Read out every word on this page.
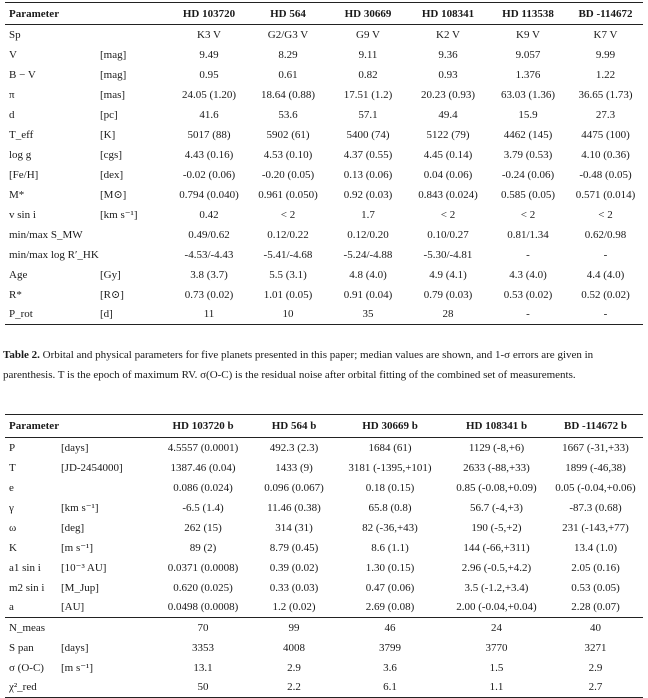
Parameter		HD 103720	HD 564	HD 30669	HD 108341	HD 113538	BD -114672
Sp		K3 V	G2/G3 V	G9 V	K2 V	K9 V	K7 V
V	[mag]	9.49	8.29	9.11	9.36	9.057	9.99
B − V	[mag]	0.95	0.61	0.82	0.93	1.376	1.22
π	[mas]	24.05 (1.20)	18.64 (0.88)	17.51 (1.2)	20.23 (0.93)	63.03 (1.36)	36.65 (1.73)
d	[pc]	41.6	53.6	57.1	49.4	15.9	27.3
T_eff	[K]	5017 (88)	5902 (61)	5400 (74)	5122 (79)	4462 (145)	4475 (100)
log g	[cgs]	4.43 (0.16)	4.53 (0.10)	4.37 (0.55)	4.45 (0.14)	3.79 (0.53)	4.10 (0.36)
[Fe/H]	[dex]	-0.02 (0.06)	-0.20 (0.05)	0.13 (0.06)	0.04 (0.06)	-0.24 (0.06)	-0.48 (0.05)
M*	[M⊙]	0.794 (0.040)	0.961 (0.050)	0.92 (0.03)	0.843 (0.024)	0.585 (0.05)	0.571 (0.014)
v sin i	[km s⁻¹]	0.42	< 2	1.7	< 2	< 2	< 2
min/max S_MW		0.49/0.62	0.12/0.22	0.12/0.20	0.10/0.27	0.81/1.34	0.62/0.98
min/max log R′_HK		-4.53/-4.43	-5.41/-4.68	-5.24/-4.88	-5.30/-4.81	-	-
Age	[Gy]	3.8 (3.7)	5.5 (3.1)	4.8 (4.0)	4.9 (4.1)	4.3 (4.0)	4.4 (4.0)
R*	[R⊙]	0.73 (0.02)	1.01 (0.05)	0.91 (0.04)	0.79 (0.03)	0.53 (0.02)	0.52 (0.02)
P_rot	[d]	11	10	35	28	-	-
Table 2. Orbital and physical parameters for five planets presented in this paper; median values are shown, and 1-σ errors are given in parenthesis. T is the epoch of maximum RV. σ(O-C) is the residual noise after orbital fitting of the combined set of measurements.
Parameter		HD 103720 b	HD 564 b	HD 30669 b	HD 108341 b	BD -114672 b
P	[days]	4.5557 (0.0001)	492.3 (2.3)	1684 (61)	1129 (-8,+6)	1667 (-31,+33)
T	[JD-2454000]	1387.46 (0.04)	1433 (9)	3181 (-1395,+101)	2633 (-88,+33)	1899 (-46,38)
e		0.086 (0.024)	0.096 (0.067)	0.18 (0.15)	0.85 (-0.08,+0.09)	0.05 (-0.04,+0.06)
γ	[km s⁻¹]	-6.5 (1.4)	11.46 (0.38)	65.8 (0.8)	56.7 (-4,+3)	-87.3 (0.68)
ω	[deg]	262 (15)	314 (31)	82 (-36,+43)	190 (-5,+2)	231 (-143,+77)
K	[m s⁻¹]	89 (2)	8.79 (0.45)	8.6 (1.1)	144 (-66,+311)	13.4 (1.0)
a1 sin i	[10⁻³ AU]	0.0371 (0.0008)	0.39 (0.02)	1.30 (0.15)	2.96 (-0.5,+4.2)	2.05 (0.16)
m2 sin i	[M_Jup]	0.620 (0.025)	0.33 (0.03)	0.47 (0.06)	3.5 (-1.2,+3.4)	0.53 (0.05)
a	[AU]	0.0498 (0.0008)	1.2 (0.02)	2.69 (0.08)	2.00 (-0.04,+0.04)	2.28 (0.07)
N_meas		70	99	46	24	40
S pan	[days]	3353	4008	3799	3770	3271
σ (O-C)	[m s⁻¹]	13.1	2.9	3.6	1.5	2.9
χ²_red		50	2.2	6.1	1.1	2.7
